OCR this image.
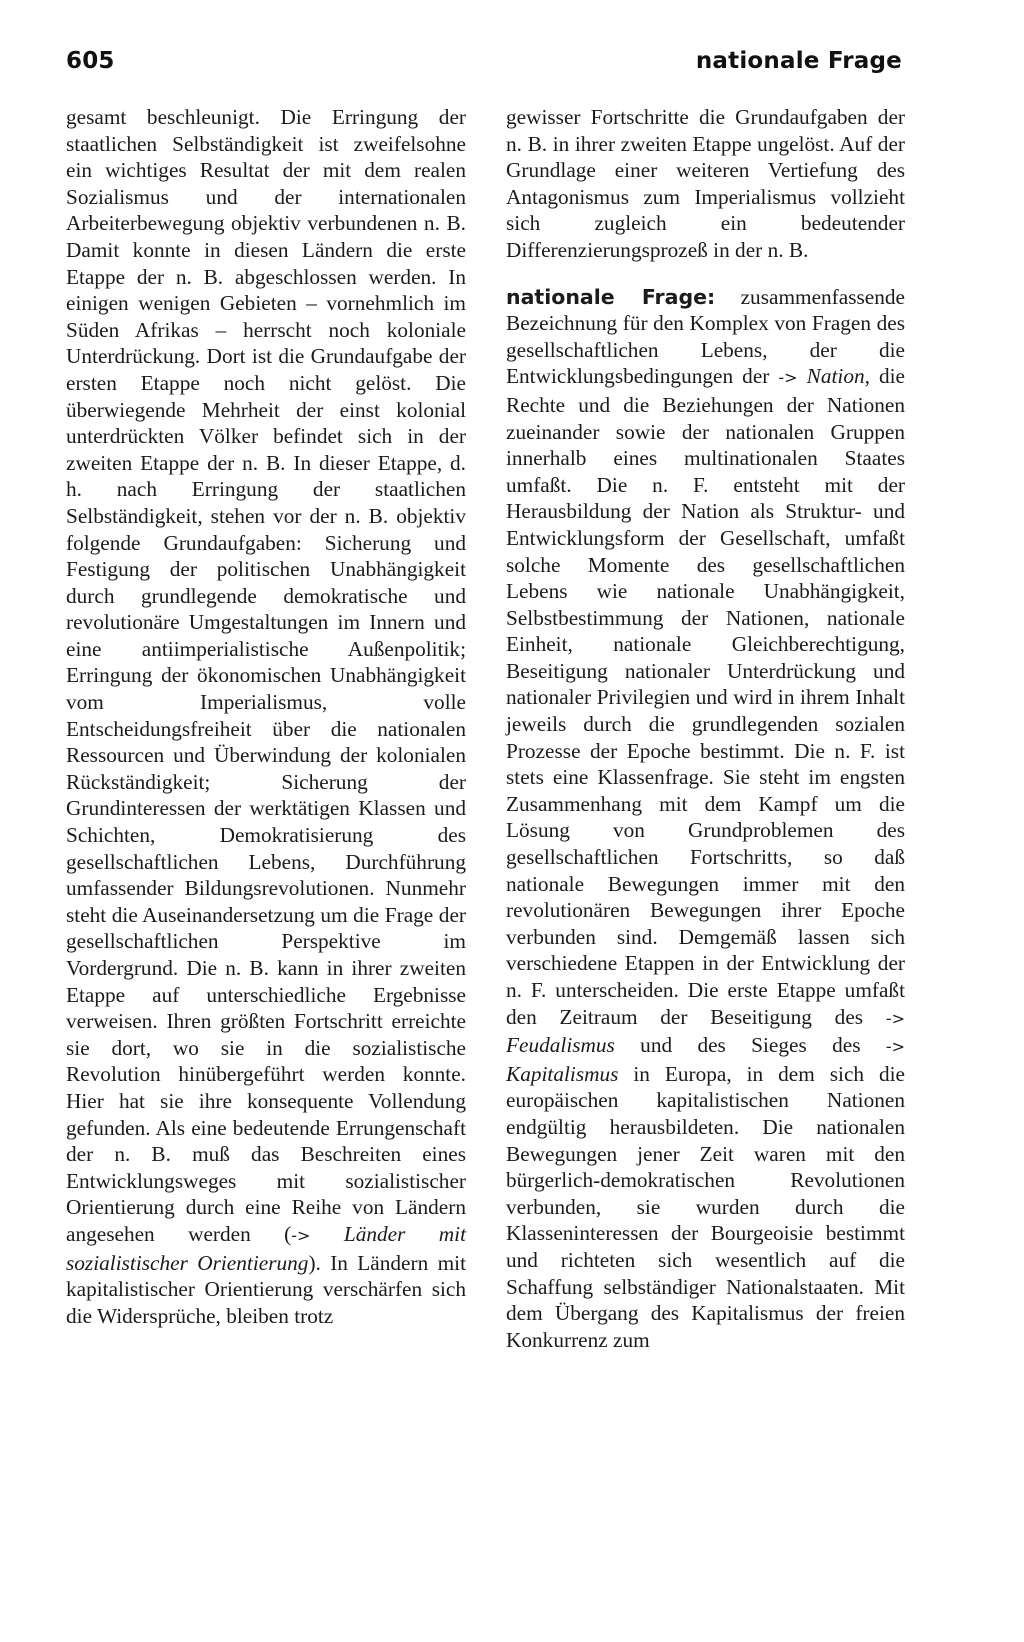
605	nationale Frage

gesamt beschleunigt. Die Erringung der staatlichen Selbständigkeit ist zweifelsohne ein wichtiges Resultat der mit dem realen Sozialismus und der internationalen Arbeiterbewegung objektiv verbundenen n. B. Damit konnte in diesen Ländern die erste Etappe der n. B. abgeschlossen werden. In einigen wenigen Gebieten – vornehmlich im Süden Afrikas – herrscht noch koloniale Unterdrückung. Dort ist die Grundaufgabe der ersten Etappe noch nicht gelöst. Die überwiegende Mehrheit der einst kolonial unterdrückten Völker befindet sich in der zweiten Etappe der n. B. In dieser Etappe, d. h. nach Erringung der staatlichen Selbständigkeit, stehen vor der n. B. objektiv folgende Grundaufgaben: Sicherung und Festigung der politischen Unabhängigkeit durch grundlegende demokratische und revolutionäre Umgestaltungen im Innern und eine antiimperialistische Außenpolitik; Erringung der ökonomischen Unabhängigkeit vom Imperialismus, volle Entscheidungsfreiheit über die nationalen Ressourcen und Überwindung der kolonialen Rückständigkeit; Sicherung der Grundinteressen der werktätigen Klassen und Schichten, Demokratisierung des gesellschaftlichen Lebens, Durchführung umfassender Bildungsrevolutionen. Nunmehr steht die Auseinandersetzung um die Frage der gesellschaftlichen Perspektive im Vordergrund. Die n. B. kann in ihrer zweiten Etappe auf unterschiedliche Ergebnisse verweisen. Ihren größten Fortschritt erreichte sie dort, wo sie in die sozialistische Revolution hinübergeführt werden konnte. Hier hat sie ihre konsequente Vollendung gefunden. Als eine bedeutende Errungenschaft der n. B. muß das Beschreiten eines Entwicklungsweges mit sozialistischer Orientierung durch eine Reihe von Ländern angesehen werden (-> Länder mit sozialistischer Orientierung). In Ländern mit kapitalistischer Orientierung verschärfen sich die Widersprüche, bleiben trotz

gewisser Fortschritte die Grundaufgaben der n. B. in ihrer zweiten Etappe ungelöst. Auf der Grundlage einer weiteren Vertiefung des Antagonismus zum Imperialismus vollzieht sich zugleich ein bedeutender Differenzierungsprozeß in der n. B.

nationale Frage: zusammenfassende Bezeichnung für den Komplex von Fragen des gesellschaftlichen Lebens, der die Entwicklungsbedingungen der -> Nation, die Rechte und die Beziehungen der Nationen zueinander sowie der nationalen Gruppen innerhalb eines multinationalen Staates umfaßt. Die n. F. entsteht mit der Herausbildung der Nation als Struktur- und Entwicklungsform der Gesellschaft, umfaßt solche Momente des gesellschaftlichen Lebens wie nationale Unabhängigkeit, Selbstbestimmung der Nationen, nationale Einheit, nationale Gleichberechtigung, Beseitigung nationaler Unterdrückung und nationaler Privilegien und wird in ihrem Inhalt jeweils durch die grundlegenden sozialen Prozesse der Epoche bestimmt. Die n. F. ist stets eine Klassenfrage. Sie steht im engsten Zusammenhang mit dem Kampf um die Lösung von Grundproblemen des gesellschaftlichen Fortschritts, so daß nationale Bewegungen immer mit den revolutionären Bewegungen ihrer Epoche verbunden sind. Demgemäß lassen sich verschiedene Etappen in der Entwicklung der n. F. unterscheiden. Die erste Etappe umfaßt den Zeitraum der Beseitigung des -> Feudalismus und des Sieges des -> Kapitalismus in Europa, in dem sich die europäischen kapitalistischen Nationen endgültig herausbildeten. Die nationalen Bewegungen jener Zeit waren mit den bürgerlich-demokratischen Revolutionen verbunden, sie wurden durch die Klasseninteressen der Bourgeoisie bestimmt und richteten sich wesentlich auf die Schaffung selbständiger Nationalstaaten. Mit dem Übergang des Kapitalismus der freien Konkurrenz zum
